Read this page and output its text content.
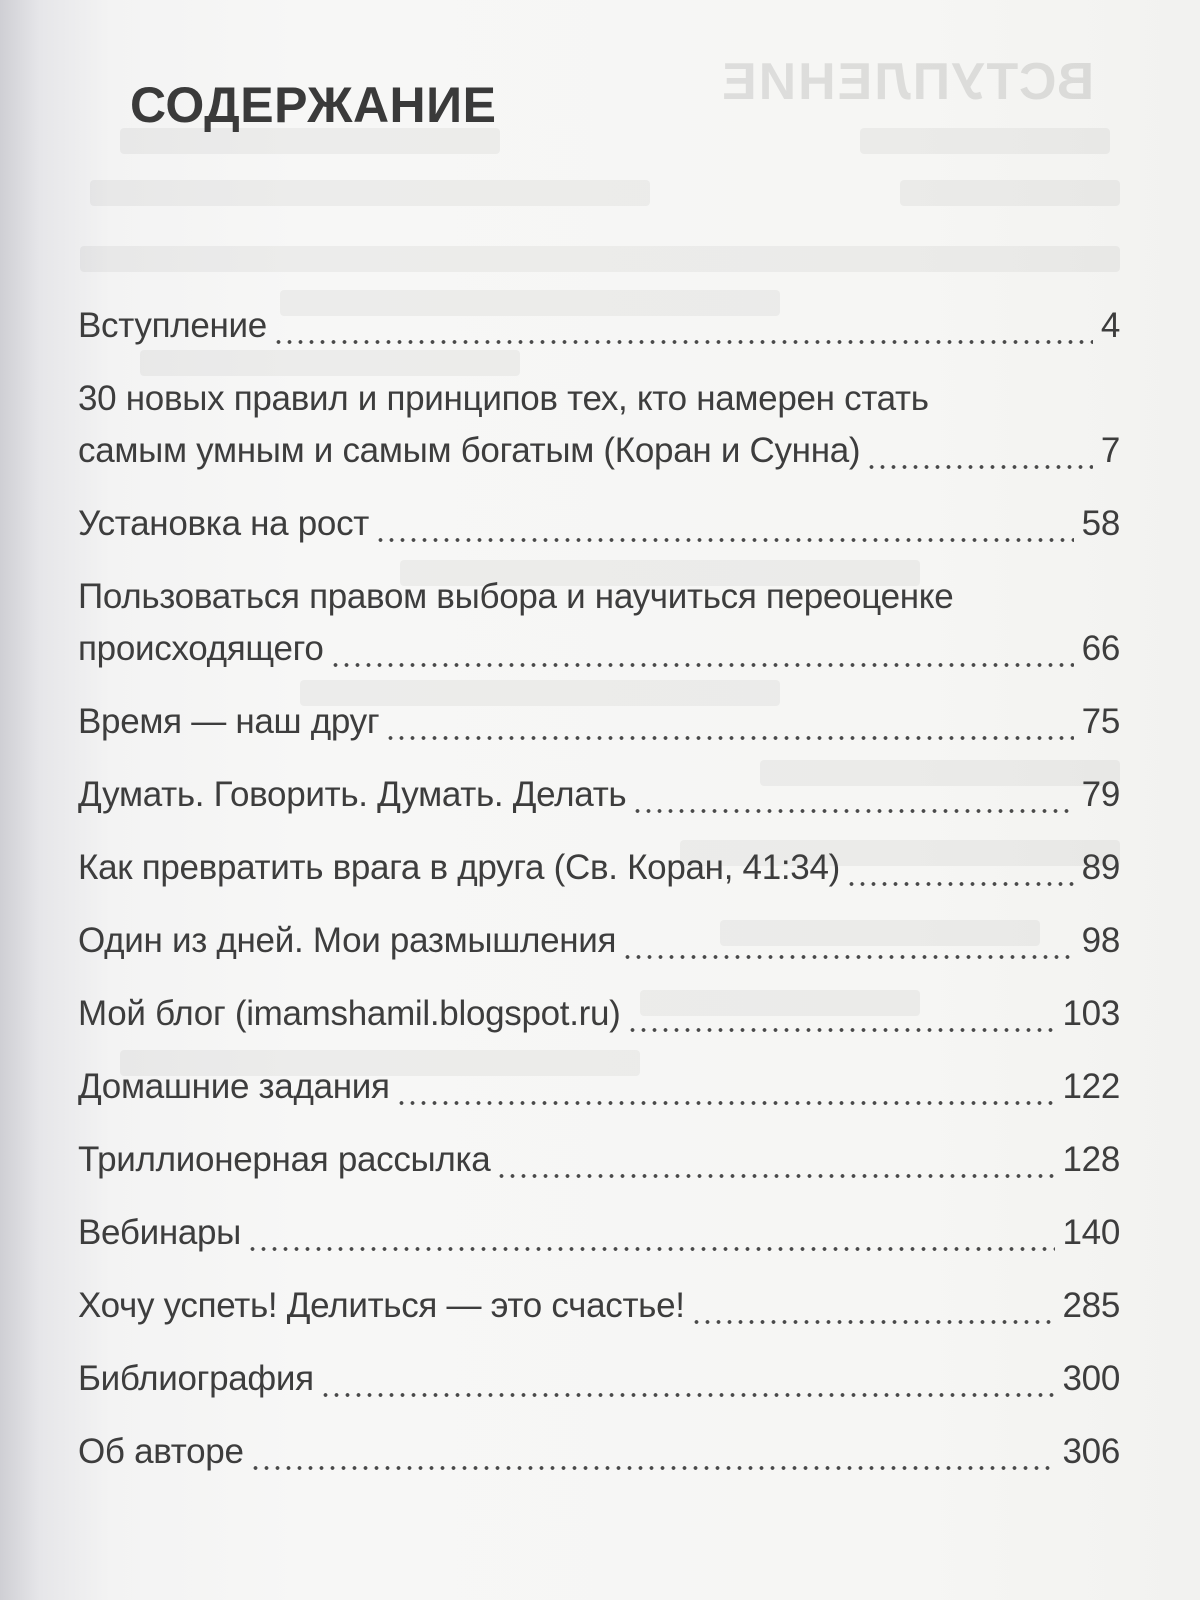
ВСТУПЛЕНИЕ
СОДЕРЖАНИЕ
Вступление	4
30 новых правил и принципов тех, кто намерен стать
самым умным и самым богатым (Коран и Сунна)	7
Установка на рост	58
Пользоваться правом выбора и научиться переоценке
происходящего	66
Время — наш друг	75
Думать. Говорить. Думать. Делать	79
Как превратить врага в друга (Св. Коран, 41:34)	89
Один из дней. Мои размышления	98
Мой блог (imamshamil.blogspot.ru)	103
Домашние задания	122
Триллионерная рассылка	128
Вебинары	140
Хочу успеть! Делиться — это счастье!	285
Библиография	300
Об авторе	306
